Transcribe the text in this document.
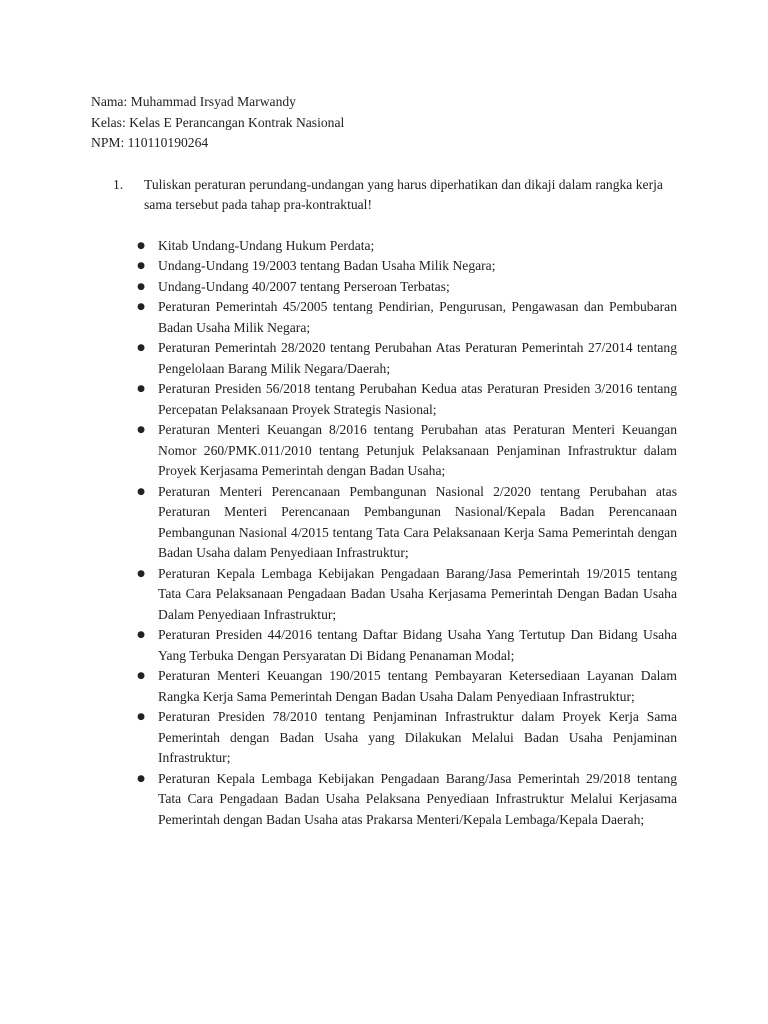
Nama: Muhammad Irsyad Marwandy

Kelas: Kelas E Perancangan Kontrak Nasional

NPM: 110110190264

1.	Tuliskan peraturan perundang-undangan yang harus diperhatikan dan dikaji dalam rangka kerja sama tersebut pada tahap pra-kontraktual!
● Kitab Undang-Undang Hukum Perdata;
● Undang-Undang 19/2003 tentang Badan Usaha Milik Negara;
● Undang-Undang 40/2007 tentang Perseroan Terbatas;
● Peraturan Pemerintah 45/2005 tentang Pendirian, Pengurusan, Pengawasan dan Pembubaran Badan Usaha Milik Negara;
● Peraturan Pemerintah 28/2020 tentang Perubahan Atas Peraturan Pemerintah 27/2014 tentang Pengelolaan Barang Milik Negara/Daerah;
● Peraturan Presiden 56/2018 tentang Perubahan Kedua atas Peraturan Presiden 3/2016 tentang Percepatan Pelaksanaan Proyek Strategis Nasional;
● Peraturan Menteri Keuangan 8/2016 tentang Perubahan atas Peraturan Menteri Keuangan Nomor 260/PMK.011/2010 tentang Petunjuk Pelaksanaan Penjaminan Infrastruktur dalam Proyek Kerjasama Pemerintah dengan Badan Usaha;
● Peraturan Menteri Perencanaan Pembangunan Nasional 2/2020 tentang Perubahan atas Peraturan Menteri Perencanaan Pembangunan Nasional/Kepala Badan Perencanaan Pembangunan Nasional 4/2015 tentang Tata Cara Pelaksanaan Kerja Sama Pemerintah dengan Badan Usaha dalam Penyediaan Infrastruktur;
● Peraturan Kepala Lembaga Kebijakan Pengadaan Barang/Jasa Pemerintah 19/2015 tentang Tata Cara Pelaksanaan Pengadaan Badan Usaha Kerjasama Pemerintah Dengan Badan Usaha Dalam Penyediaan Infrastruktur;
● Peraturan Presiden 44/2016 tentang Daftar Bidang Usaha Yang Tertutup Dan Bidang Usaha Yang Terbuka Dengan Persyaratan Di Bidang Penanaman Modal;
● Peraturan Menteri Keuangan 190/2015 tentang Pembayaran Ketersediaan Layanan Dalam Rangka Kerja Sama Pemerintah Dengan Badan Usaha Dalam Penyediaan Infrastruktur;
● Peraturan Presiden 78/2010 tentang Penjaminan Infrastruktur dalam Proyek Kerja Sama Pemerintah dengan Badan Usaha yang Dilakukan Melalui Badan Usaha Penjaminan Infrastruktur;
● Peraturan Kepala Lembaga Kebijakan Pengadaan Barang/Jasa Pemerintah 29/2018 tentang Tata Cara Pengadaan Badan Usaha Pelaksana Penyediaan Infrastruktur Melalui Kerjasama Pemerintah dengan Badan Usaha atas Prakarsa Menteri/Kepala Lembaga/Kepala Daerah;
